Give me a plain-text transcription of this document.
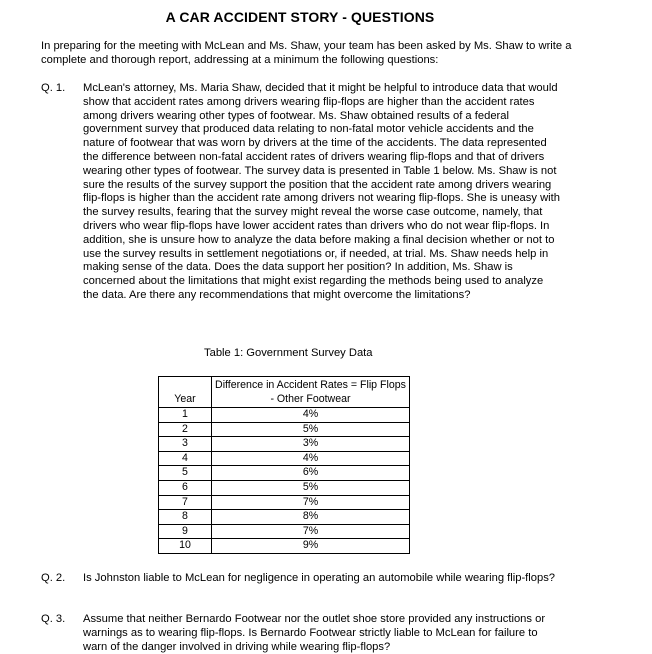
A CAR ACCIDENT STORY - QUESTIONS
In preparing for the meeting with McLean and Ms. Shaw, your team has been asked by Ms. Shaw to write a complete and thorough report, addressing at a minimum the following questions:
Q. 1.	McLean's attorney, Ms. Maria Shaw, decided that it might be helpful to introduce data that would show that accident rates among drivers wearing flip-flops are higher than the accident rates among drivers wearing other types of footwear. Ms. Shaw obtained results of a federal government survey that produced data relating to non-fatal motor vehicle accidents and the nature of footwear that was worn by drivers at the time of the accidents. The data represented the difference between non-fatal accident rates of drivers wearing flip-flops and that of drivers wearing other types of footwear. The survey data is presented in Table 1 below. Ms. Shaw is not sure the results of the survey support the position that the accident rate among drivers wearing flip-flops is higher than the accident rate among drivers not wearing flip-flops. She is uneasy with the survey results, fearing that the survey might reveal the worse case outcome, namely, that drivers who wear flip-flops have lower accident rates than drivers who do not wear flip-flops. In addition, she is unsure how to analyze the data before making a final decision whether or not to use the survey results in settlement negotiations or, if needed, at trial. Ms. Shaw needs help in making sense of the data. Does the data support her position? In addition, Ms. Shaw is concerned about the limitations that might exist regarding the methods being used to analyze the data. Are there any recommendations that might overcome the limitations?
Table 1: Government Survey Data
Year	Difference in Accident Rates = Flip Flops - Other Footwear
1	4%
2	5%
3	3%
4	4%
5	6%
6	5%
7	7%
8	8%
9	7%
10	9%
Q. 2.	Is Johnston liable to McLean for negligence in operating an automobile while wearing flip-flops?
Q. 3.	Assume that neither Bernardo Footwear nor the outlet shoe store provided any instructions or warnings as to wearing flip-flops. Is Bernardo Footwear strictly liable to McLean for failure to warn of the danger involved in driving while wearing flip-flops?
